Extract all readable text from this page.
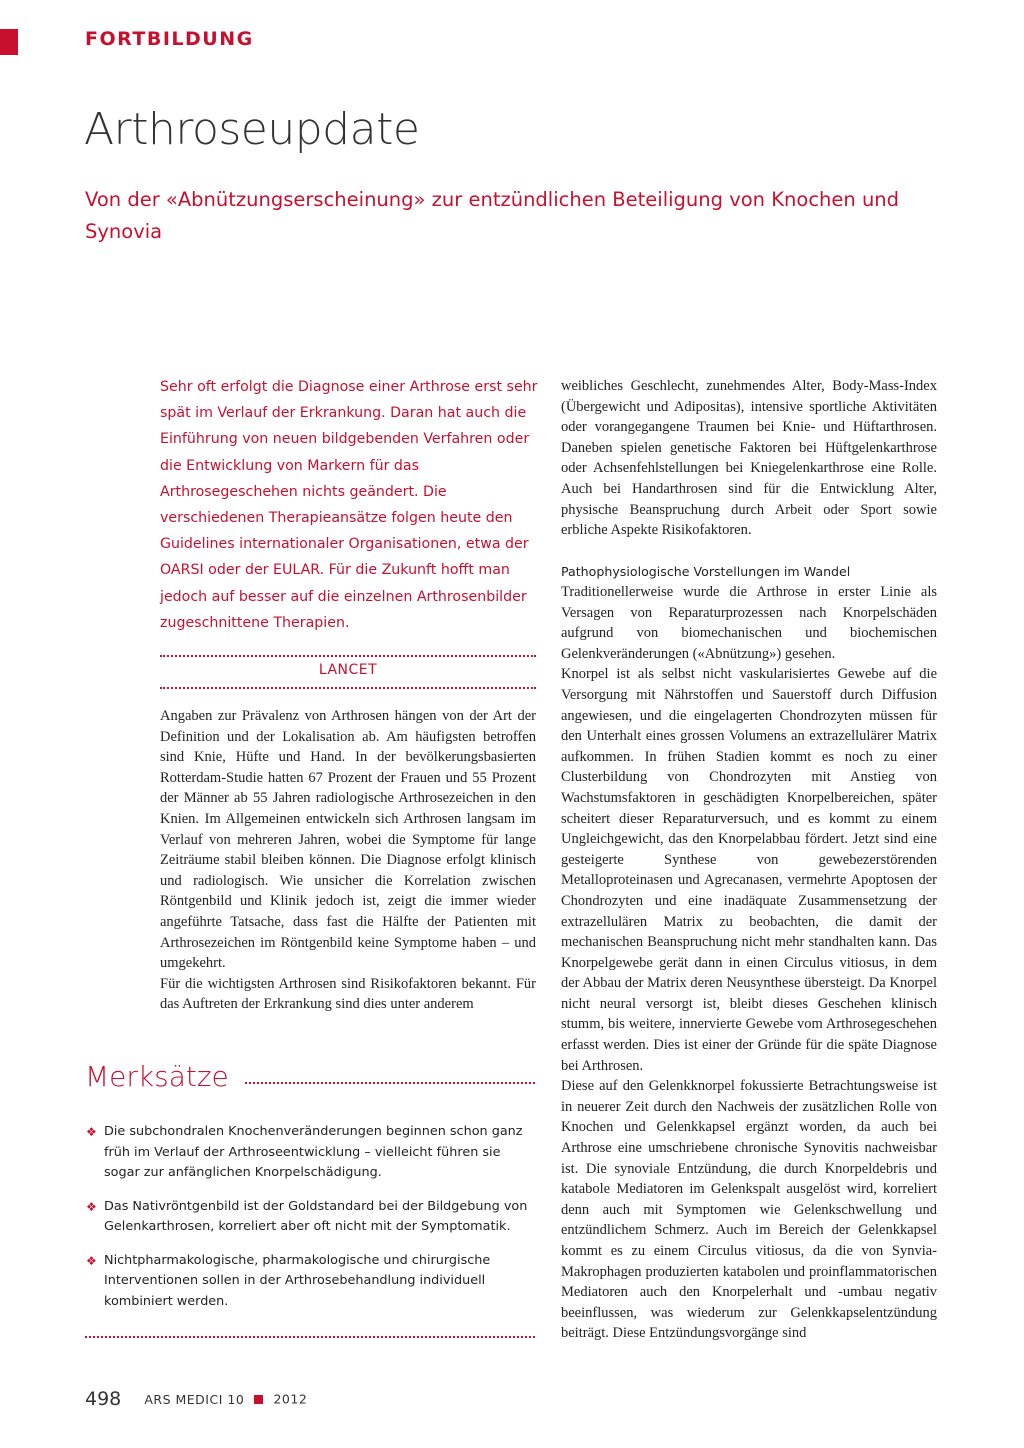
FORTBILDUNG
Arthroseupdate
Von der «Abnützungserscheinung» zur entzündlichen Beteiligung von Knochen und Synovia
Sehr oft erfolgt die Diagnose einer Arthrose erst sehr spät im Verlauf der Erkrankung. Daran hat auch die Einführung von neuen bildgebenden Verfahren oder die Entwicklung von Markern für das Arthrosegeschehen nichts geändert. Die verschiedenen Therapieansätze folgen heute den Guidelines internationaler Organisationen, etwa der OARSI oder der EULAR. Für die Zukunft hofft man jedoch auf besser auf die einzelnen Arthrosenbilder zugeschnittene Therapien.
LANCET

Angaben zur Prävalenz von Arthrosen hängen von der Art der Definition und der Lokalisation ab. Am häufigsten betroffen sind Knie, Hüfte und Hand. In der bevölkerungsbasierten Rotterdam-Studie hatten 67 Prozent der Frauen und 55 Prozent der Männer ab 55 Jahren radiologische Arthrosezeichen in den Knien. Im Allgemeinen entwickeln sich Arthrosen langsam im Verlauf von mehreren Jahren, wobei die Symptome für lange Zeiträume stabil bleiben können. Die Diagnose erfolgt klinisch und radiologisch. Wie unsicher die Korrelation zwischen Röntgenbild und Klinik jedoch ist, zeigt die immer wieder angeführte Tatsache, dass fast die Hälfte der Patienten mit Arthrosezeichen im Röntgenbild keine Symptome haben – und umgekehrt.

Für die wichtigsten Arthrosen sind Risikofaktoren bekannt. Für das Auftreten der Erkrankung sind dies unter anderem

weibliches Geschlecht, zunehmendes Alter, Body-Mass-Index (Übergewicht und Adipositas), intensive sportliche Aktivitäten oder vorangegangene Traumen bei Knie- und Hüftarthrosen. Daneben spielen genetische Faktoren bei Hüftgelenkarthrose oder Achsenfehlstellungen bei Kniegelenkarthrose eine Rolle. Auch bei Handarthrosen sind für die Entwicklung Alter, physische Beanspruchung durch Arbeit oder Sport sowie erbliche Aspekte Risikofaktoren.
Pathophysiologische Vorstellungen im Wandel

Traditionellerweise wurde die Arthrose in erster Linie als Versagen von Reparaturprozessen nach Knorpelschäden aufgrund von biomechanischen und biochemischen Gelenkveränderungen («Abnützung») gesehen.

Knorpel ist als selbst nicht vaskularisiertes Gewebe auf die Versorgung mit Nährstoffen und Sauerstoff durch Diffusion angewiesen, und die eingelagerten Chondrozyten müssen für den Unterhalt eines grossen Volumens an extrazellulärer Matrix aufkommen. In frühen Stadien kommt es noch zu einer Clusterbildung von Chondrozyten mit Anstieg von Wachstumsfaktoren in geschädigten Knorpelbereichen, später scheitert dieser Reparaturversuch, und es kommt zu einem Ungleichgewicht, das den Knorpelabbau fördert. Jetzt sind eine gesteigerte Synthese von gewebezerstörenden Metalloproteinasen und Agrecanasen, vermehrte Apoptosen der Chondrozyten und eine inadäquate Zusammensetzung der extrazellulären Matrix zu beobachten, die damit der mechanischen Beanspruchung nicht mehr standhalten kann. Das Knorpelgewebe gerät dann in einen Circulus vitiosus, in dem der Abbau der Matrix deren Neusynthese übersteigt. Da Knorpel nicht neural versorgt ist, bleibt dieses Geschehen klinisch stumm, bis weitere, innervierte Gewebe vom Arthrosegeschehen erfasst werden. Dies ist einer der Gründe für die späte Diagnose bei Arthrosen.

Diese auf den Gelenkknorpel fokussierte Betrachtungsweise ist in neuerer Zeit durch den Nachweis der zusätzlichen Rolle von Knochen und Gelenkkapsel ergänzt worden, da auch bei Arthrose eine umschriebene chronische Synovitis nachweisbar ist. Die synoviale Entzündung, die durch Knorpeldebris und katabole Mediatoren im Gelenkspalt ausgelöst wird, korreliert denn auch mit Symptomen wie Gelenkschwellung und entzündlichem Schmerz. Auch im Bereich der Gelenkkapsel kommt es zu einem Circulus vitiosus, da die von Synvia-Makrophagen produzierten katabolen und proinflammatorischen Mediatoren auch den Knorpelerhalt und -umbau negativ beeinflussen, was wiederum zur Gelenkkapselentzündung beiträgt. Diese Entzündungsvorgänge sind

Merksätze
❖ Die subchondralen Knochenveränderungen beginnen schon ganz früh im Verlauf der Arthroseentwicklung – vielleicht führen sie sogar zur anfänglichen Knorpelschädigung.
❖ Das Nativröntgenbild ist der Goldstandard bei der Bildgebung von Gelenkarthrosen, korreliert aber oft nicht mit der Symptomatik.
❖ Nichtpharmakologische, pharmakologische und chirurgische Interventionen sollen in der Arthrosebehandlung individuell kombiniert werden.
498 ARS MEDICI 10 2012
